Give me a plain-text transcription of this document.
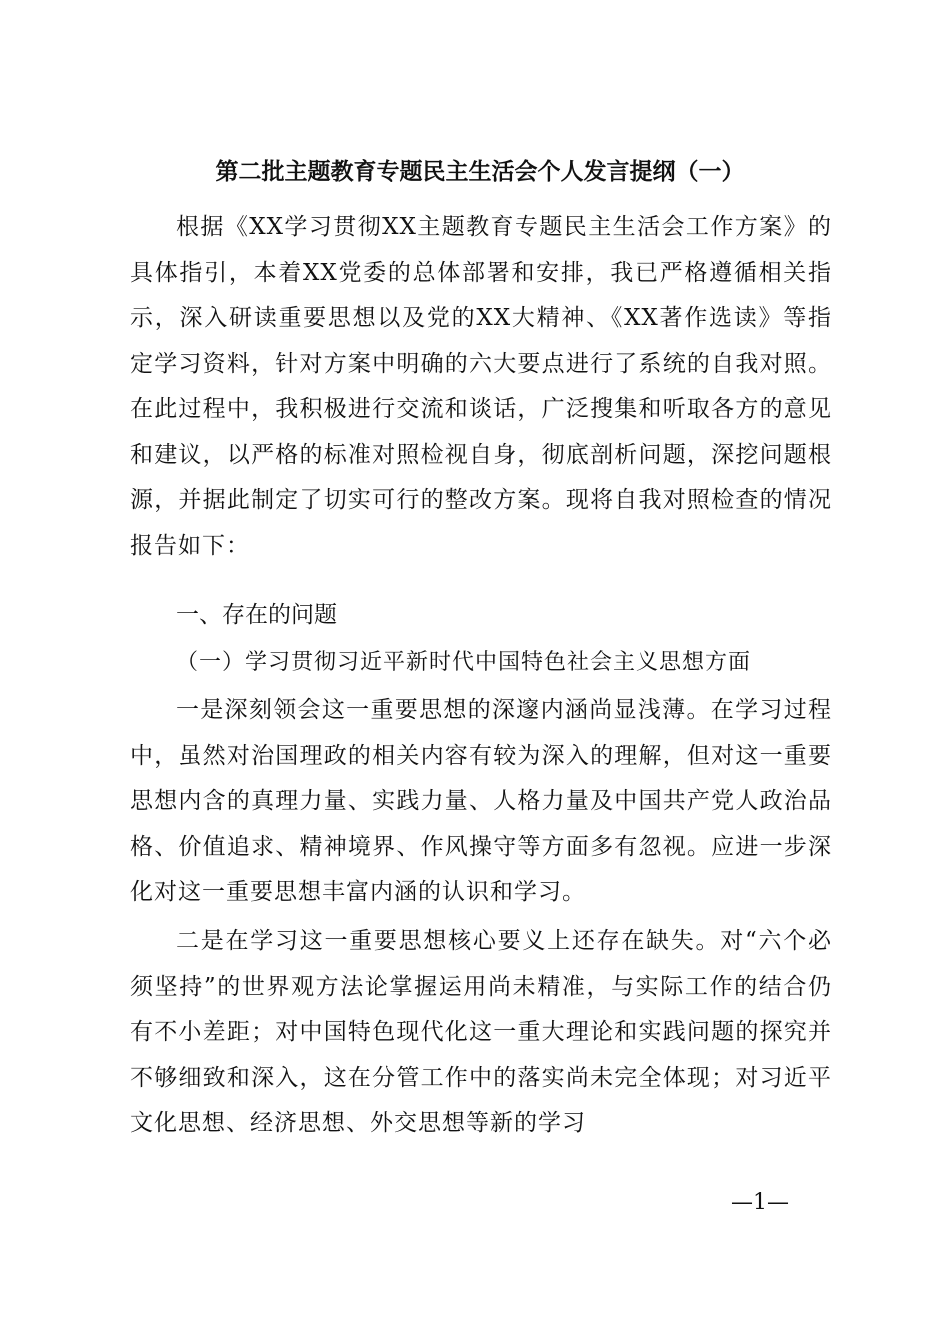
第二批主题教育专题民主生活会个人发言提纲（一）
根据《XX学习贯彻XX主题教育专题民主生活会工作方案》的具体指引，本着XX党委的总体部署和安排，我已严格遵循相关指示，深入研读重要思想以及党的XX大精神、《XX著作选读》等指定学习资料，针对方案中明确的六大要点进行了系统的自我对照。在此过程中，我积极进行交流和谈话，广泛搜集和听取各方的意见和建议，以严格的标准对照检视自身，彻底剖析问题，深挖问题根源，并据此制定了切实可行的整改方案。现将自我对照检查的情况报告如下：
一、存在的问题
（一）学习贯彻习近平新时代中国特色社会主义思想方面
一是深刻领会这一重要思想的深邃内涵尚显浅薄。在学习过程中，虽然对治国理政的相关内容有较为深入的理解，但对这一重要思想内含的真理力量、实践力量、人格力量及中国共产党人政治品格、价值追求、精神境界、作风操守等方面多有忽视。应进一步深化对这一重要思想丰富内涵的认识和学习。
二是在学习这一重要思想核心要义上还存在缺失。对“六个必须坚持”的世界观方法论掌握运用尚未精准，与实际工作的结合仍有不小差距；对中国特色现代化这一重大理论和实践问题的探究并不够细致和深入，这在分管工作中的落实尚未完全体现；对习近平文化思想、经济思想、外交思想等新的学习
—1—
